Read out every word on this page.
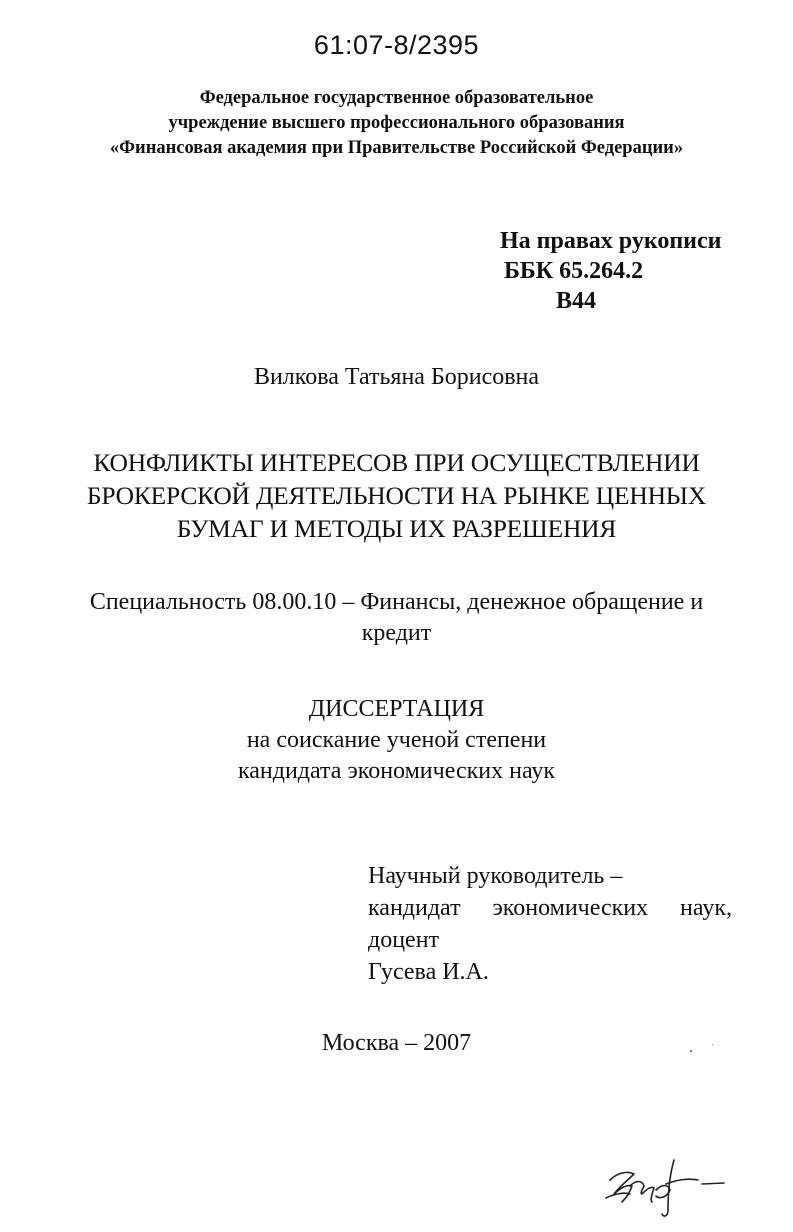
61:07-8/2395
Федеральное государственное образовательное
учреждение высшего профессионального образования
«Финансовая академия при Правительстве Российской Федерации»
На правах рукописи
ББК 65.264.2
В44
Вилкова Татьяна Борисовна
КОНФЛИКТЫ ИНТЕРЕСОВ ПРИ ОСУЩЕСТВЛЕНИИ
БРОКЕРСКОЙ ДЕЯТЕЛЬНОСТИ НА РЫНКЕ ЦЕННЫХ
БУМАГ И МЕТОДЫ ИХ РАЗРЕШЕНИЯ
Специальность 08.00.10 – Финансы, денежное обращение и
кредит
ДИССЕРТАЦИЯ
на соискание ученой степени
кандидата экономических наук
Научный руководитель –
кандидат экономических наук,
доцент
Гусева И.А.
Москва – 2007
